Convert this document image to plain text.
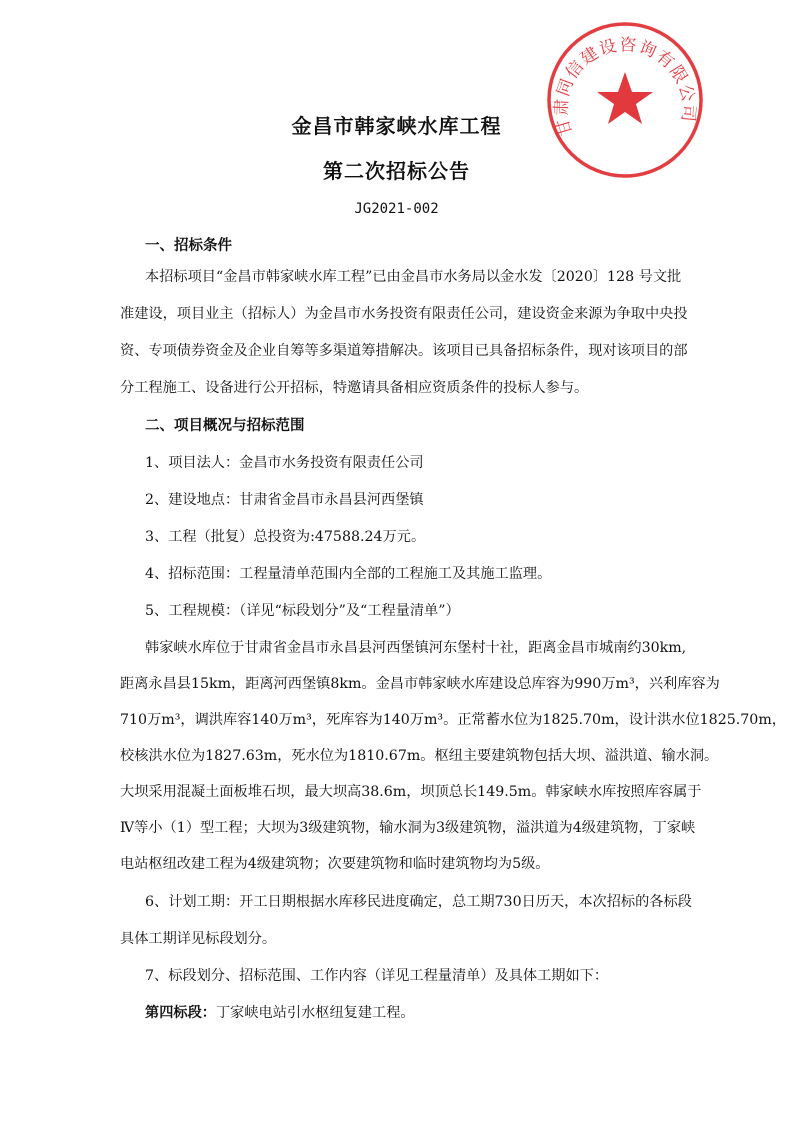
甘肃同信建设咨询有限公司
金昌市韩家峡水库工程
第二次招标公告
JG2021-002
一、招标条件
本招标项目“金昌市韩家峡水库工程”已由金昌市水务局以金水发〔2020〕128 号文批
准建设，项目业主（招标人）为金昌市水务投资有限责任公司，建设资金来源为争取中央投
资、专项债券资金及企业自筹等多渠道筹措解决。该项目已具备招标条件，现对该项目的部
分工程施工、设备进行公开招标，特邀请具备相应资质条件的投标人参与。
二、项目概况与招标范围
1、项目法人：金昌市水务投资有限责任公司
2、建设地点：甘肃省金昌市永昌县河西堡镇
3、工程（批复）总投资为:47588.24万元。
4、招标范围：工程量清单范围内全部的工程施工及其施工监理。
5、工程规模：（详见“标段划分”及“工程量清单”）
韩家峡水库位于甘肃省金昌市永昌县河西堡镇河东堡村十社，距离金昌市城南约30km,
距离永昌县15km，距离河西堡镇8km。金昌市韩家峡水库建设总库容为990万m³，兴利库容为
710万m³，调洪库容140万m³，死库容为140万m³。正常蓄水位为1825.70m，设计洪水位1825.70m，
校核洪水位为1827.63m，死水位为1810.67m。枢纽主要建筑物包括大坝、溢洪道、输水洞。
大坝采用混凝土面板堆石坝，最大坝高38.6m，坝顶总长149.5m。韩家峡水库按照库容属于
Ⅳ等小（1）型工程；大坝为3级建筑物，输水洞为3级建筑物，溢洪道为4级建筑物，丁家峡
电站枢纽改建工程为4级建筑物；次要建筑物和临时建筑物均为5级。
6、计划工期：开工日期根据水库移民进度确定，总工期730日历天，本次招标的各标段
具体工期详见标段划分。
7、标段划分、招标范围、工作内容（详见工程量清单）及具体工期如下：
第四标段：丁家峡电站引水枢纽复建工程。
